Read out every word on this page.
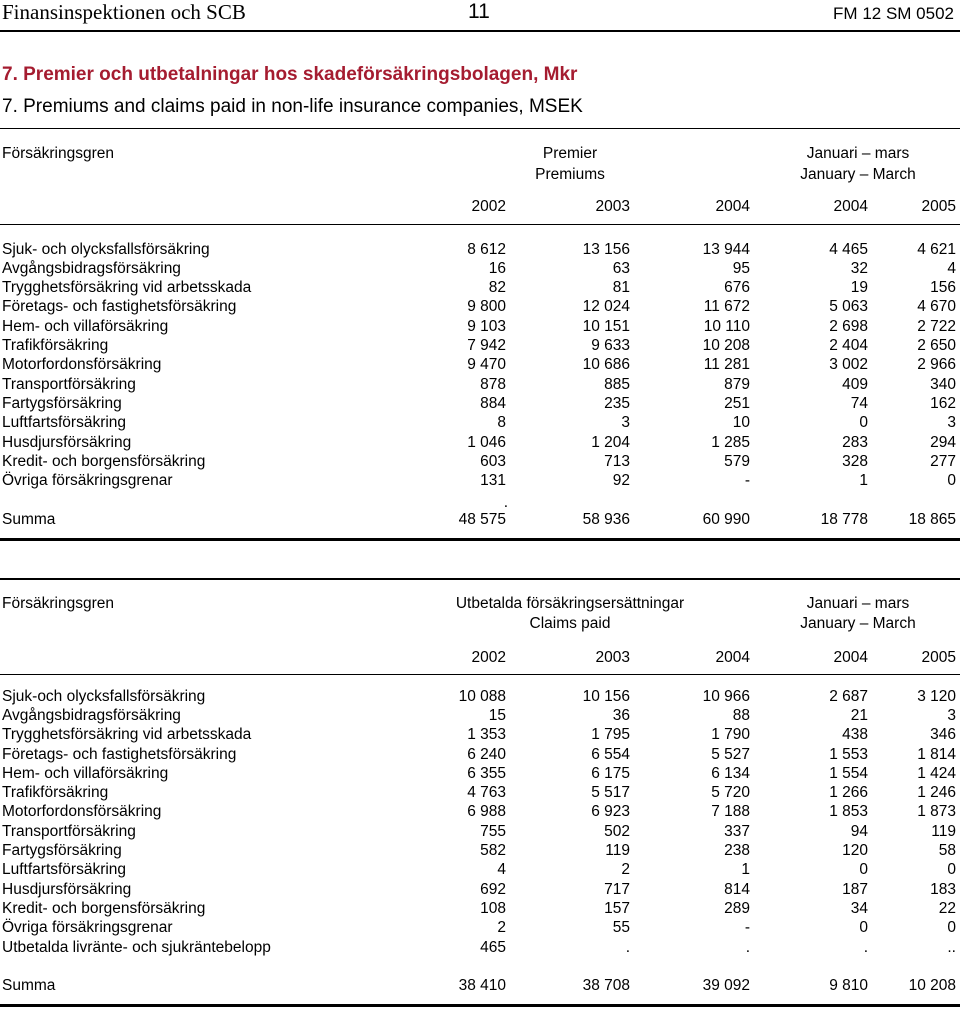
Finansinspektionen och SCB	11	FM 12 SM 0502
7. Premier och utbetalningar hos skadeförsäkringsbolagen, Mkr
7. Premiums and claims paid in non-life insurance companies, MSEK
Försäkringsgren	Premier
Premiums
Januari – mars
January – March
2002	2003	2004	2004	2005
Sjuk- och olycksfallsförsäkring	8 612	13 156	13 944	4 465	4 621
Avgångsbidragsförsäkring	16	63	95	32	4
Trygghetsförsäkring vid arbetsskada	82	81	676	19	156
Företags- och fastighetsförsäkring	9 800	12 024	11 672	5 063	4 670
Hem- och villaförsäkring	9 103	10 151	10 110	2 698	2 722
Trafikförsäkring	7 942	9 633	10 208	2 404	2 650
Motorfordonsförsäkring	9 470	10 686	11 281	3 002	2 966
Transportförsäkring	878	885	879	409	340
Fartygsförsäkring	884	235	251	74	162
Luftfartsförsäkring	8	3	10	0	3
Husdjursförsäkring	1 046	1 204	1 285	283	294
Kredit- och borgensförsäkring	603	713	579	328	277
Övriga försäkringsgrenar	131	92	-	1	0
.
Summa	48 575	58 936	60 990	18 778	18 865
Försäkringsgren	Utbetalda försäkringsersättningar
Claims paid
Januari – mars
January – March
2002	2003	2004	2004	2005
Sjuk-och olycksfallsförsäkring	10 088	10 156	10 966	2 687	3 120
Avgångsbidragsförsäkring	15	36	88	21	3
Trygghetsförsäkring vid arbetsskada	1 353	1 795	1 790	438	346
Företags- och fastighetsförsäkring	6 240	6 554	5 527	1 553	1 814
Hem- och villaförsäkring	6 355	6 175	6 134	1 554	1 424
Trafikförsäkring	4 763	5 517	5 720	1 266	1 246
Motorfordonsförsäkring	6 988	6 923	7 188	1 853	1 873
Transportförsäkring	755	502	337	94	119
Fartygsförsäkring	582	119	238	120	58
Luftfartsförsäkring	4	2	1	0	0
Husdjursförsäkring	692	717	814	187	183
Kredit- och borgensförsäkring	108	157	289	34	22
Övriga försäkringsgrenar	2	55	-	0	0
Utbetalda livränte- och sjukräntebelopp	465	.	.	.	..
Summa	38 410	38 708	39 092	9 810	10 208
